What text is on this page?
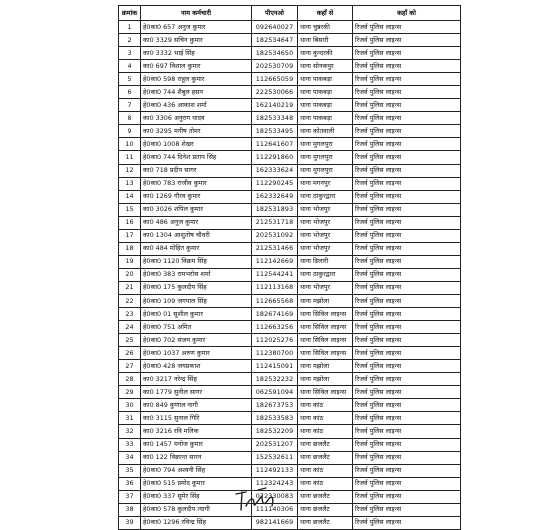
क्रमांक	नाम कर्मचारी	पीएनओ	कहाँ से	कहाँ को
1	हे0का0 657 अनुज कुमार	092640027	थाना चुन्नरकी	रिजर्व पुलिस लाइन्स
2	का0 3329 सचिन कुमार	182534647	थाना बिसारी	रिजर्व पुलिस लाइन्स
3	का0 3332 भाई सिंह	182534650	थाना कुन्दरकी	रिजर्व पुलिस लाइन्स
4	का0 697 विशाल कुमार	202530709	थाना सोनकपुर	रिजर्व पुलिस लाइन्स
5	हे0का0 598 राहुल कुमार	112665059	थाना पाकबड़ा	रिजर्व पुलिस लाइन्स
6	हे0का0 744 शैबुल हसन	222530066	थाना पाकबड़ा	रिजर्व पुलिस लाइन्स
7	हे0का0 436 आकाश शर्मा	162140219	थाना पाकबड़ा	रिजर्व पुलिस लाइन्स
8	का0 3306 अनुराग यादव	182533348	थाना पाकबड़ा	रिजर्व पुलिस लाइन्स
9	का0 3295 मनीष तोमर	182533495	थाना कोतवाली	रिजर्व पुलिस लाइन्स
10	हे0का0 1008 शेखर	112641607	थाना मुगलपुरा	रिजर्व पुलिस लाइन्स
11	हे0का0 744 दिनेश प्रताप सिंह	112291860	थाना मुगलपुरा	रिजर्व पुलिस लाइन्स
12	का0 718 प्रदीप सागर	162333624	थाना मुगलपुरा	रिजर्व पुलिस लाइन्स
13	हे0का0 783 राजीव कुमार	112290245	थाना मगनपुर	रिजर्व पुलिस लाइन्स
14	का0 1269 गौरव कुमार	162332649	थाना ठाकुरद्वारा	रिजर्व पुलिस लाइन्स
15	का0 3026 शपिल कुमार	182531893	थाना भोजपुर	रिजर्व पुलिस लाइन्स
16	का0 486 अनुज कुमार	212531718	थाना भोजपुर	रिजर्व पुलिस लाइन्स
17	का0 1304 आशुतोष चौधरी	202531092	थाना भोजपुर	रिजर्व पुलिस लाइन्स
18	का0 484 मोहित कुमार	212531466	थाना भोजपुर	रिजर्व पुलिस लाइन्स
19	हे0का0 1120 विक्रम सिंह	112142669	थाना डिलारी	रिजर्व पुलिस लाइन्स
20	हे0का0 383 रामभरोस शर्मा	112544241	थाना ठाकुरद्वारा	रिजर्व पुलिस लाइन्स
21	हे0का0 175 कुलदीप सिंह	112113168	थाना भोजपुर	रिजर्व पुलिस लाइन्स
22	हे0का0 109 जगपाल सिंह	112665568	थाना मझोला	रिजर्व पुलिस लाइन्स
23	हे0का0 01 सुशील कुमार	182674169	थाना सिविल लाइन्स	रिजर्व पुलिस लाइन्स
24	हे0का0 751 अमित	112663256	थाना सिविल लाइन्स	रिजर्व पुलिस लाइन्स
25	हे0का0 702 संजय कुमार	112025276	थाना सिविल लाइन्स	रिजर्व पुलिस लाइन्स
26	हे0का0 1037 अरुण कुमार	112380700	थाना सिविल लाइन्स	रिजर्व पुलिस लाइन्स
27	हे0का0 428 जयप्रकाश	112415091	थाना मझोला	रिजर्व पुलिस लाइन्स
28	का0 3217 नरेन्द्र सिंह	182532232	थाना मझोला	रिजर्व पुलिस लाइन्स
29	का0 1779 सुनील सागर	062591094	थाना सिविल लाइन्स	रिजर्व पुलिस लाइन्स
30	का0 849 कुणाल नागी	182673753	थाना कांठ	रिजर्व पुलिस लाइन्स
31	का0 3115 सुनाल गिरि	182533583	थाना कांठ	रिजर्व पुलिस लाइन्स
32	का0 3216 रवि मलिक	182532209	थाना कांठ	रिजर्व पुलिस लाइन्स
33	का0 1457 मनोज कुमार	202531207	थाना छजलैट	रिजर्व पुलिस लाइन्स
34	का0 122 विक्रान्त सारन	152532611	थाना छजलैट	रिजर्व पुलिस लाइन्स
35	हे0का0 794 अश्वनी सिंह	112492133	थाना कांठ	रिजर्व पुलिस लाइन्स
36	हे0का0 515 प्रमोद कुमार	112324243	थाना कांठ	रिजर्व पुलिस लाइन्स
37	हे0का0 337 सुमेर सिंह	072330083	थाना छजलैट	रिजर्व पुलिस लाइन्स
38	हे0का0 578 कुलदीप त्यागी	111140306	थाना छजलैट	रिजर्व पुलिस लाइन्स
39	हे0का0 1296 रविन्द्र सिंह	982141669	थाना छजलैट	रिजर्व पुलिस लाइन्स
